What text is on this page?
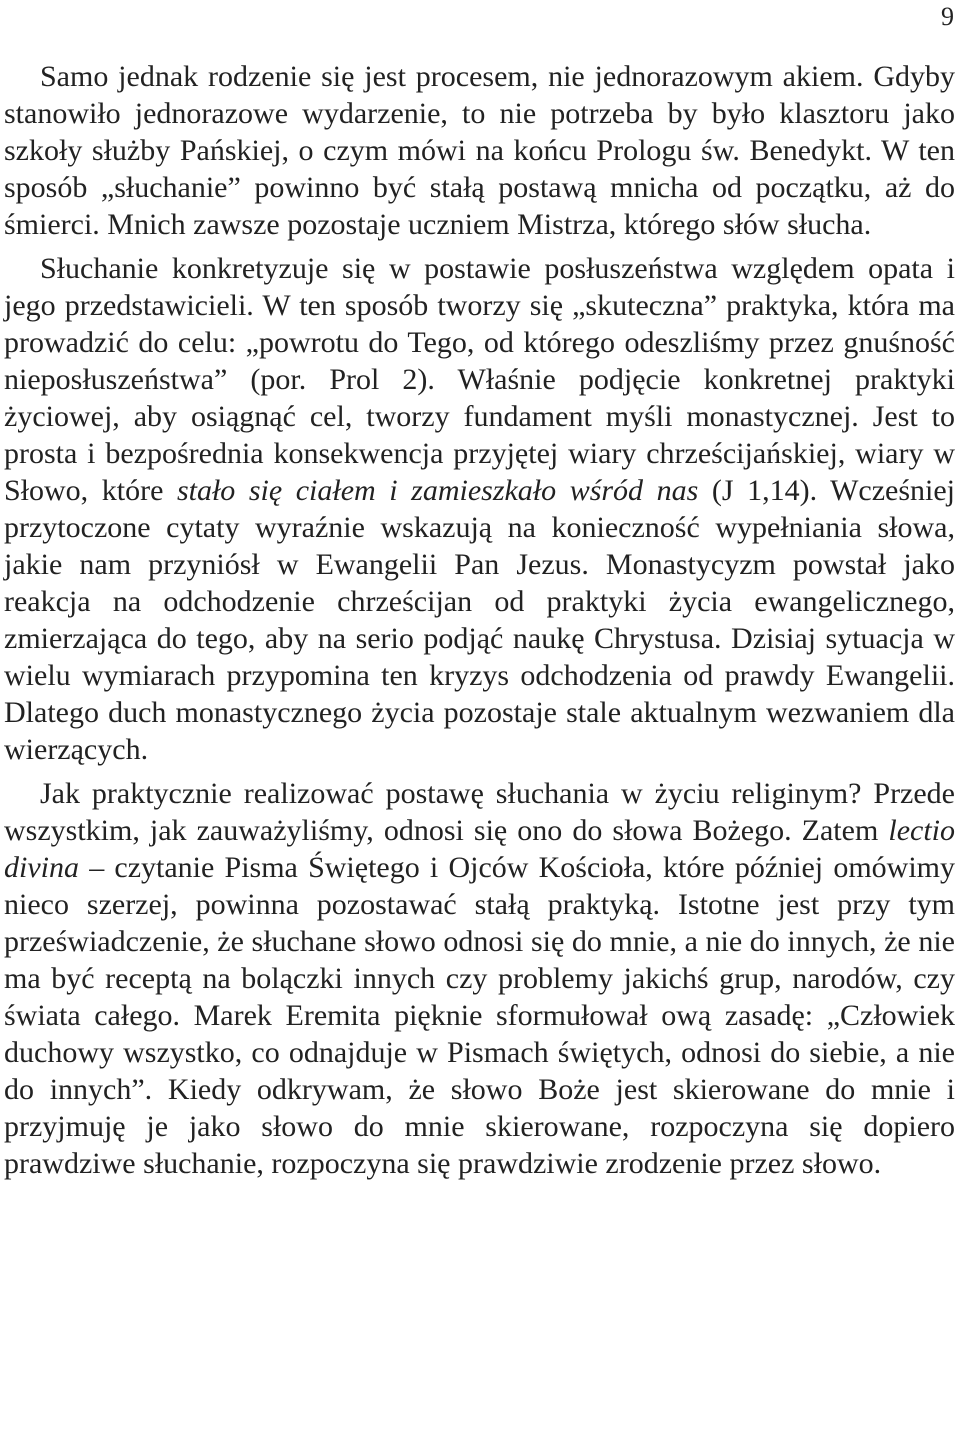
9

Samo jednak rodzenie się jest procesem, nie jednorazowym akiem. Gdyby stanowiło jednorazowe wydarzenie, to nie potrzeba by było klasztoru jako szkoły służby Pańskiej, o czym mówi na końcu Prologu św. Benedykt. W ten sposób „słuchanie” powinno być stałą postawą mnicha od początku, aż do śmierci. Mnich zawsze pozostaje uczniem Mistrza, którego słów słucha.

Słuchanie konkretyzuje się w postawie posłuszeństwa względem opata i jego przedstawicieli. W ten sposób tworzy się „skuteczna” praktyka, która ma prowadzić do celu: „powrotu do Tego, od którego odeszliśmy przez gnuśność nieposłuszeństwa” (por. Prol 2). Właśnie podjęcie konkretnej praktyki życiowej, aby osiągnąć cel, tworzy fundament myśli monastycznej. Jest to prosta i bezpośrednia konsekwencja przyjętej wiary chrześcijańskiej, wiary w Słowo, które stało się ciałem i zamieszkało wśród nas (J 1,14). Wcześniej przytoczone cytaty wyraźnie wskazują na konieczność wypełniania słowa, jakie nam przyniósł w Ewangelii Pan Jezus. Monastycyzm powstał jako reakcja na odchodzenie chrześcijan od praktyki życia ewangelicznego, zmierzająca do tego, aby na serio podjąć naukę Chrystusa. Dzisiaj sytuacja w wielu wymiarach przypomina ten kryzys odchodzenia od prawdy Ewangelii. Dlatego duch monastycznego życia pozostaje stale aktualnym wezwaniem dla wierzących.

Jak praktycznie realizować postawę słuchania w życiu religinym? Przede wszystkim, jak zauważyliśmy, odnosi się ono do słowa Bożego. Zatem lectio divina – czytanie Pisma Świętego i Ojców Kościoła, które później omówimy nieco szerzej, powinna pozostawać stałą praktyką. Istotne jest przy tym przeświadczenie, że słuchane słowo odnosi się do mnie, a nie do innych, że nie ma być receptą na bolączki innych czy problemy jakichś grup, narodów, czy świata całego. Marek Eremita pięknie sformułował ową zasadę: „Człowiek duchowy wszystko, co odnajduje w Pismach świętych, odnosi do siebie, a nie do innych”. Kiedy odkrywam, że słowo Boże jest skierowane do mnie i przyjmuję je jako słowo do mnie skierowane, rozpoczyna się dopiero prawdziwe słuchanie, rozpoczyna się prawdziwie zrodzenie przez słowo.
